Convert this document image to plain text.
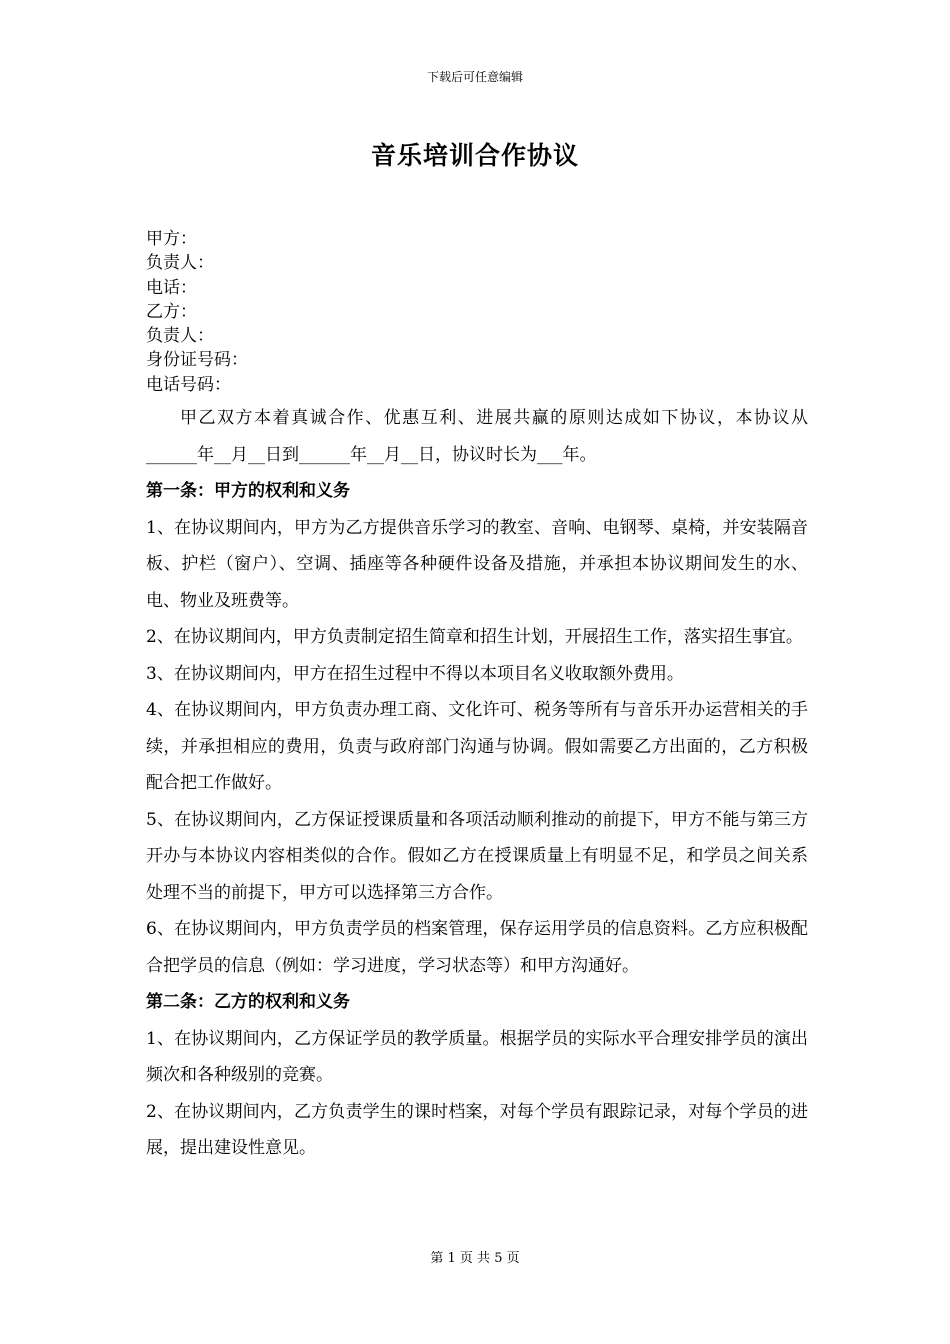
下载后可任意编辑
音乐培训合作协议
甲方：
负责人：
电话：
乙方：
负责人：
身份证号码：
电话号码：

甲乙双方本着真诚合作、优惠互利、进展共赢的原则达成如下协议，本协议从______年__月__日到______年__月__日，协议时长为___年。

第一条：甲方的权利和义务

1、在协议期间内，甲方为乙方提供音乐学习的教室、音响、电钢琴、桌椅，并安装隔音板、护栏（窗户）、空调、插座等各种硬件设备及措施，并承担本协议期间发生的水、电、物业及班费等。

2、在协议期间内，甲方负责制定招生简章和招生计划，开展招生工作，落实招生事宜。

3、在协议期间内，甲方在招生过程中不得以本项目名义收取额外费用。

4、在协议期间内，甲方负责办理工商、文化许可、税务等所有与音乐开办运营相关的手续，并承担相应的费用，负责与政府部门沟通与协调。假如需要乙方出面的，乙方积极配合把工作做好。

5、在协议期间内，乙方保证授课质量和各项活动顺利推动的前提下，甲方不能与第三方开办与本协议内容相类似的合作。假如乙方在授课质量上有明显不足，和学员之间关系处理不当的前提下，甲方可以选择第三方合作。

6、在协议期间内，甲方负责学员的档案管理，保存运用学员的信息资料。乙方应积极配合把学员的信息（例如：学习进度，学习状态等）和甲方沟通好。

第二条：乙方的权利和义务

1、在协议期间内，乙方保证学员的教学质量。根据学员的实际水平合理安排学员的演出频次和各种级别的竞赛。

2、在协议期间内，乙方负责学生的课时档案，对每个学员有跟踪记录，对每个学员的进展，提出建设性意见。

第 1 页 共 5 页
